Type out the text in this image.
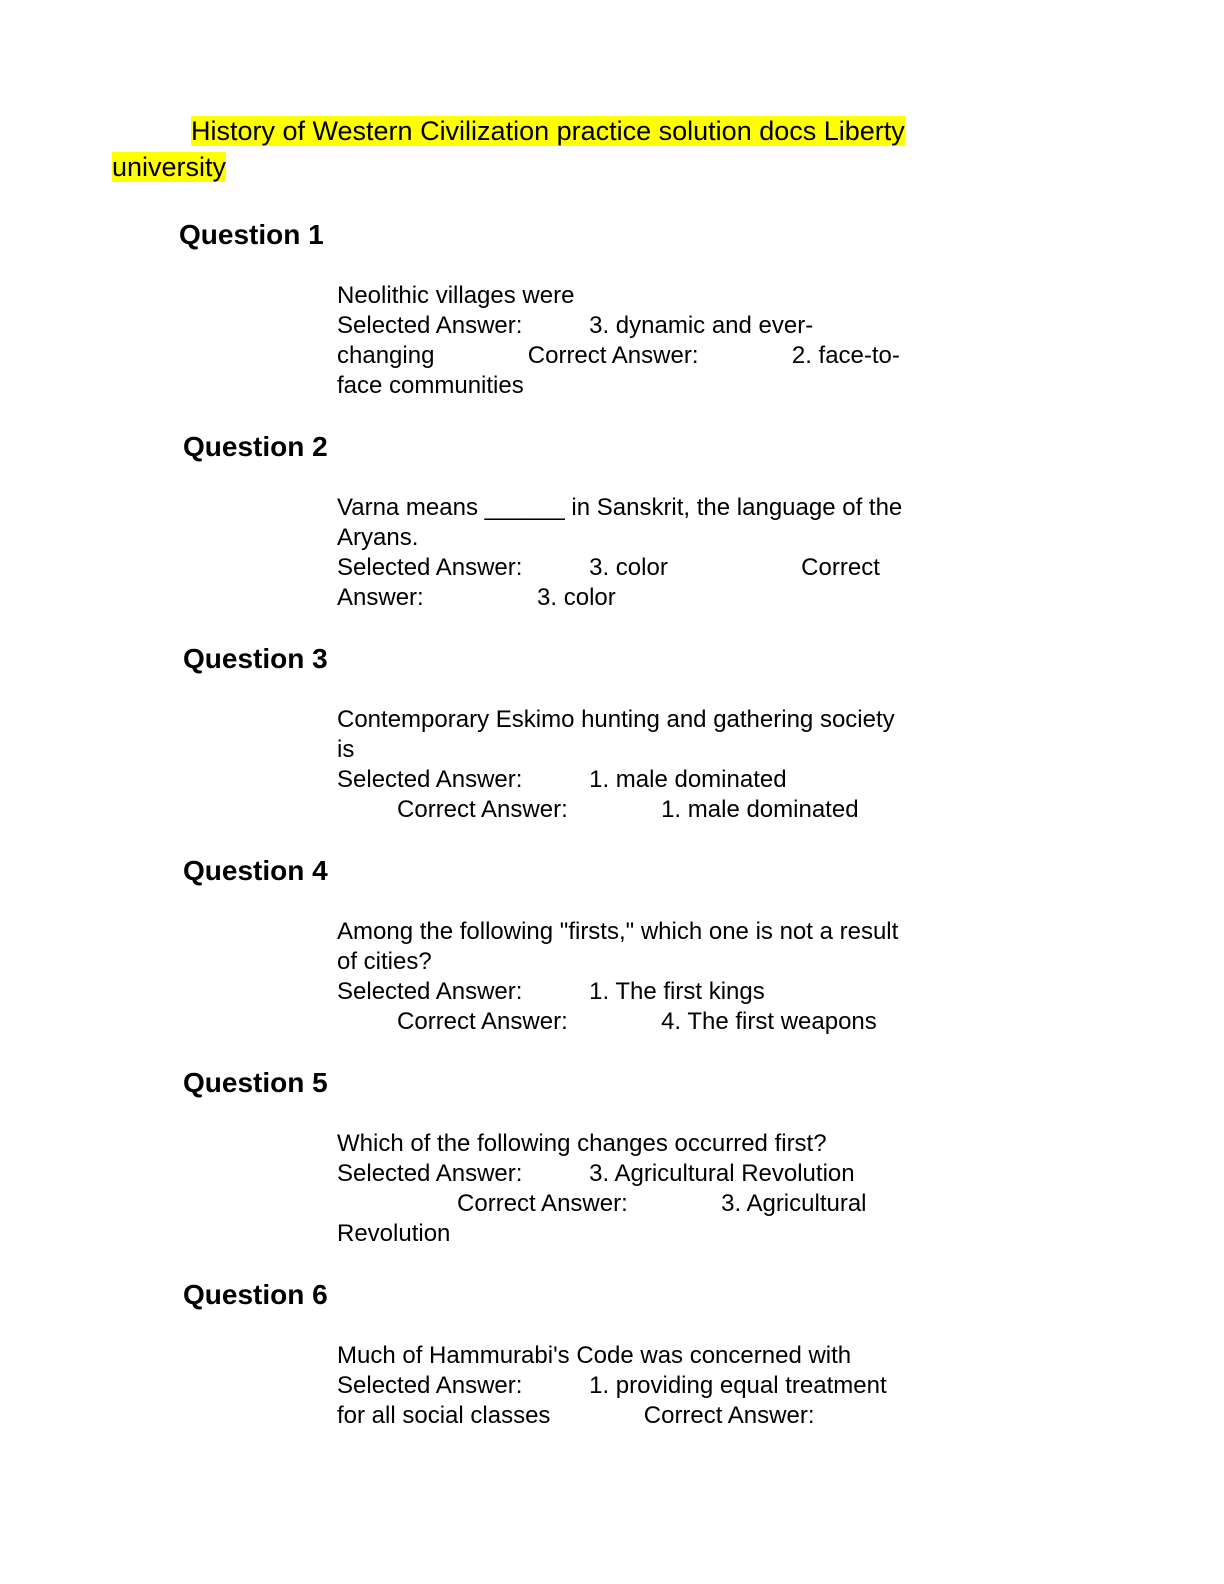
History of Western Civilization practice solution docs Liberty university

Question 1

Neolithic villages were
Selected Answer:          3. dynamic and ever-
changing              Correct Answer:              2. face-to-
face communities

Question 2

Varna means ______ in Sanskrit, the language of the
Aryans.
Selected Answer:          3. color                    Correct
Answer:                 3. color

Question 3

Contemporary Eskimo hunting and gathering society
is
Selected Answer:          1. male dominated
Correct Answer:              1. male dominated

Question 4

Among the following "firsts," which one is not a result
of cities?
Selected Answer:          1. The first kings
Correct Answer:              4. The first weapons

Question 5

Which of the following changes occurred first?
Selected Answer:          3. Agricultural Revolution
Correct Answer:              3. Agricultural
Revolution

Question 6

Much of Hammurabi's Code was concerned with
Selected Answer:          1. providing equal treatment
for all social classes              Correct Answer:
